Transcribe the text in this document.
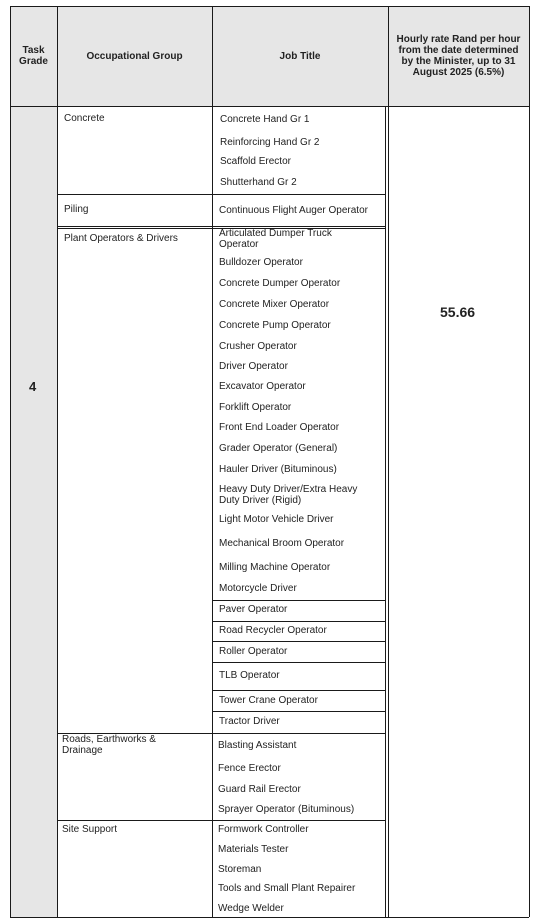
Task Grade	Occupational Group	Job Title
Hourly rate Rand per hour from the date determined by the Minister, up to 31 August 2025 (6.5%)
4
55.66
Concrete
Piling
Plant Operators & Drivers
Roads, Earthworks & Drainage
Site Support
Concrete Hand Gr 1
Reinforcing Hand Gr 2
Scaffold Erector
Shutterhand Gr 2
Continuous Flight Auger Operator
Articulated Dumper Truck Operator
Bulldozer Operator
Concrete Dumper Operator
Concrete Mixer Operator
Concrete Pump Operator
Crusher Operator
Driver Operator
Excavator Operator
Forklift Operator
Front End Loader Operator
Grader Operator (General)
Hauler Driver (Bituminous)
Heavy Duty Driver/Extra Heavy Duty Driver (Rigid)
Light Motor Vehicle Driver
Mechanical Broom Operator
Milling Machine Operator
Motorcycle Driver
Paver Operator
Road Recycler Operator
Roller Operator
TLB Operator
Tower Crane Operator
Tractor Driver
Blasting Assistant
Fence Erector
Guard Rail Erector
Sprayer Operator (Bituminous)
Formwork Controller
Materials Tester
Storeman
Tools and Small Plant Repairer
Wedge Welder
